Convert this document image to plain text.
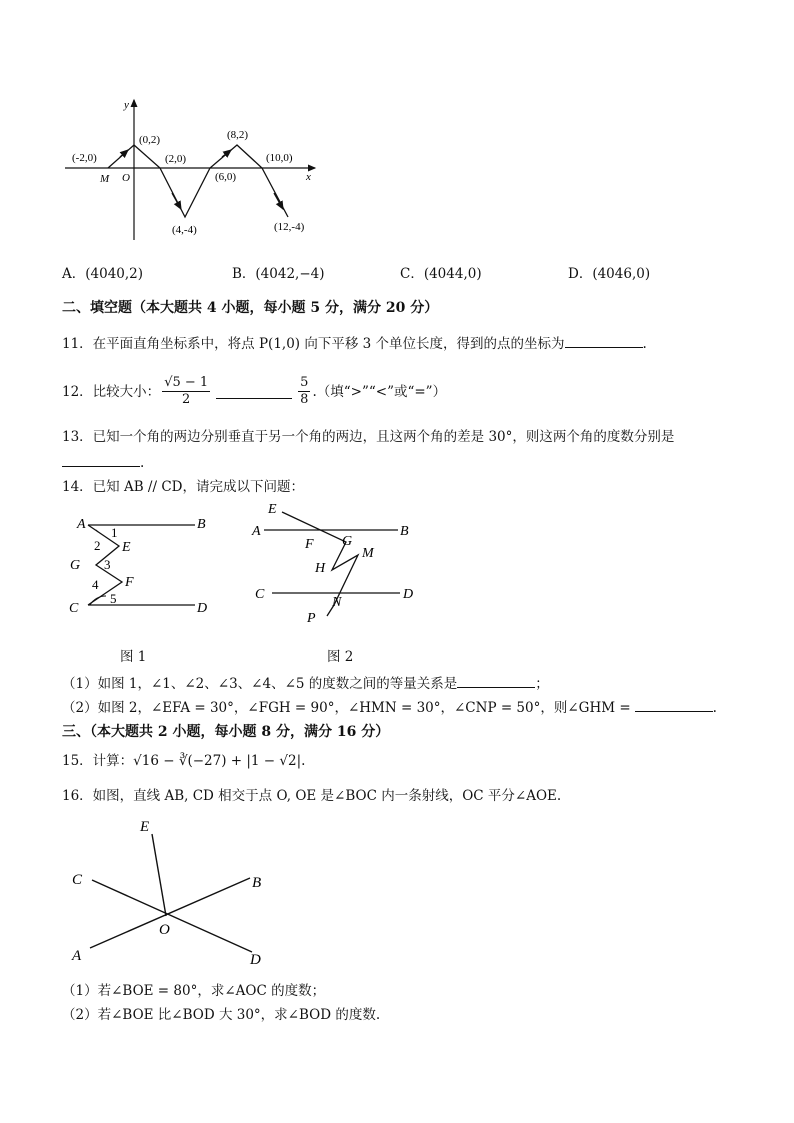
y
x
O
M
(-2,0)
(0,2)
(2,0)
(4,-4)
(6,0)
(8,2)
(10,0)
(12,-4)
A．(4040,2)	B．(4042,−4)	C．(4044,0)	D．(4046,0)
二、填空题（本大题共 4 小题，每小题 5 分，满分 20 分）
11．在平面直角坐标系中，将点 P(1,0) 向下平移 3 个单位长度，得到的点的坐标为	.
12．比较大小： $\frac{√5 - 1}{2}$	$\frac{5}{8}$ .（填“>”“<”或“=”）
13．已知一个角的两边分别垂直于另一个角的两边，且这两个角的差是 30°，则这两个角的度数分别是
.
14．已知 AB // CD，请完成以下问题：
A	B
C	D
E
G
F
1
2
3
4
5
图 1
E
A	B
F G
H
M
C	D
N
P
图 2
（1）如图 1，∠1、∠2、∠3、∠4、∠5 的度数之间的等量关系是	；
（2）如图 2，∠EFA = 30°，∠FGH = 90°，∠HMN = 30°，∠CNP = 50°，则∠GHM =	.
三、（本大题共 2 小题，每小题 8 分，满分 16 分）
15．计算：√16 − ∛(−27) + |1 − √2|.
16．如图，直线 AB, CD 相交于点 O, OE 是∠BOC 内一条射线，OC 平分∠AOE.
E
C	B
O
A	D
（1）若∠BOE = 80°，求∠AOC 的度数；
（2）若∠BOE 比∠BOD 大 30°，求∠BOD 的度数.
